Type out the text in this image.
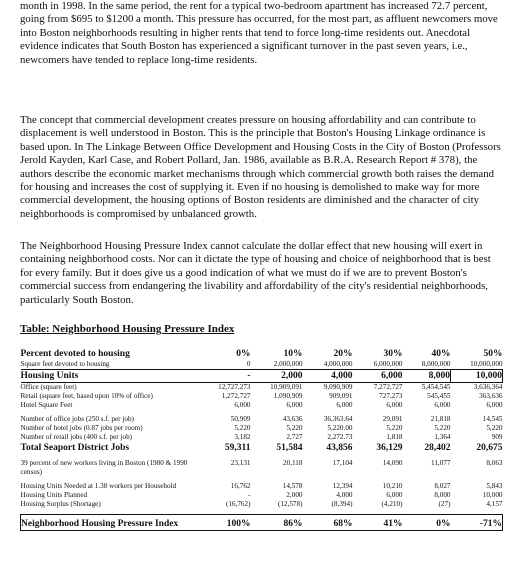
month in 1998. In the same period, the rent for a typical two-bedroom apartment has increased 72.7 percent, going from $695 to $1200 a month. This pressure has occurred, for the most part, as affluent newcomers move into Boston neighborhoods resulting in higher rents that tend to force long-time residents out. Anecdotal evidence indicates that South Boston has experienced a significant turnover in the past seven years, i.e., newcomers have tended to replace long-time residents.

The concept that commercial development creates pressure on housing affordability and can contribute to displacement is well understood in Boston. This is the principle that Boston's Housing Linkage ordinance is based upon. In The Linkage Between Office Development and Housing Costs in the City of Boston (Professors Jerold Kayden, Karl Case, and Robert Pollard, Jan. 1986, available as B.R.A. Research Report # 378), the authors describe the economic market mechanisms through which commercial growth both raises the demand for housing and increases the cost of supplying it. Even if no housing is demolished to make way for more commercial development, the housing options of Boston residents are diminished and the character of city neighborhoods is compromised by unbalanced growth.

The Neighborhood Housing Pressure Index cannot calculate the dollar effect that new housing will exert in containing neighborhood costs. Nor can it dictate the type of housing and choice of neighborhood that is best for every family. But it does give us a good indication of what we must do if we are to prevent Boston's commercial success from endangering the livability and affordability of the city's residential neighborhoods, particularly South Boston.

Table: Neighborhood Housing Pressure Index
Percent devoted to housing	0%	10%	20%	30%	40%	50%
Square feet devoted to housing	0	2,000,000	4,000,000	6,000,000	8,000,000	10,000,000
Housing Units	-	2,000	4,000	6,000	8,000	10,000
Office (square feet)	12,727,273	10,909,091	9,090,909	7,272,727	5,454,545	3,636,364
Retail (square feet, based upon 10% of office)	1,272,727	1,090,909	909,091	727,273	545,455	363,636
Hotel Square Feet	6,000	6,000	6,000	6,000	6,000	6,000

Number of office jobs (250 s.f. per job)	50,909	43,636	36,363.64	29,091	21,818	14,545
Number of hotel jobs (0.87 jobs per room)	5,220	5,220	5,220.00	5,220	5,220	5,220
Number of retail jobs (400 s.f. per job)	3,182	2,727	2,272.73	1,818	1,364	909
Total Seaport District Jobs	59,311	51,584	43,856	36,129	28,402	20,675

39 percent of new workers living in Boston (1980 & 1990 census)	23,131	20,118	17,104	14,090	11,077	8,063

Housing Units Needed at 1.38 workers per Household	16,762	14,578	12,394	10,210	8,027	5,843
Housing Units Planned	-	2,000	4,000	6,000	8,000	10,000
Housing Surplus (Shortage)	(16,762)	(12,578)	(8,394)	(4,210)	(27)	4,157

Neighborhood Housing Pressure Index	100%	86%	68%	41%	0%	-71%
